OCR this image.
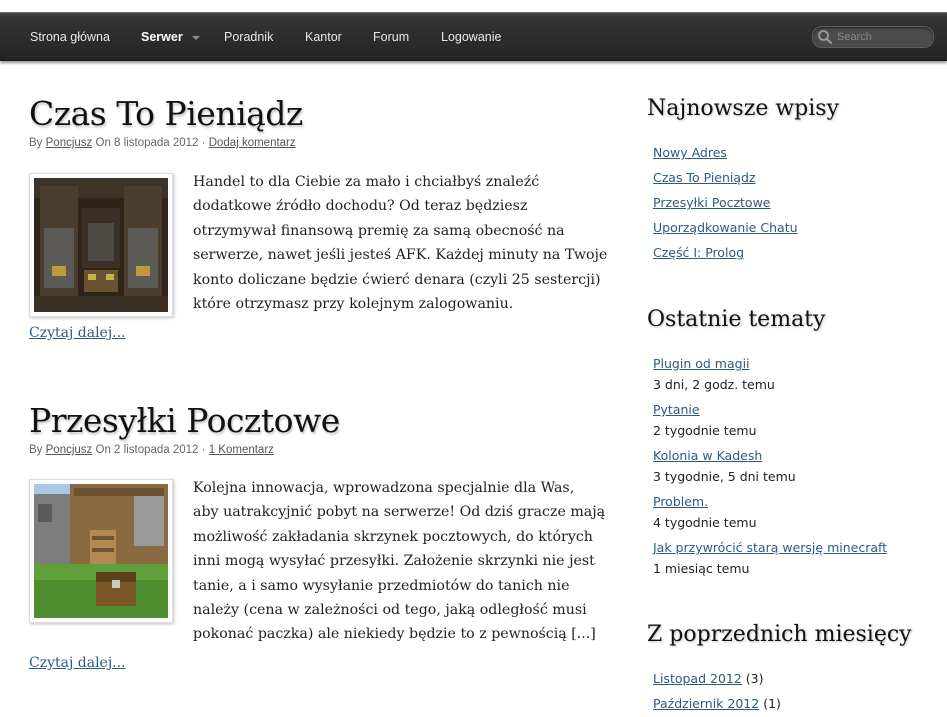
Strona główna Serwer	Poradnik	Kantor Forum	Logowanie
Search
Czas To Pieniądz
By Poncjusz On 8 listopada 2012 · Dodaj komentarz
Handel to dla Ciebie za mało i chciałbyś znaleźć
dodatkowe źródło dochodu? Od teraz będziesz
otrzymywał finansową premię za samą obecność na
serwerze, nawet jeśli jesteś AFK. Każdej minuty na Twoje
konto doliczane będzie ćwierć denara (czyli 25 sestercji)
które otrzymasz przy kolejnym zalogowaniu.
Czytaj dalej...
Przesyłki Pocztowe
By Poncjusz On 2 listopada 2012 · 1 Komentarz
Kolejna innowacja, wprowadzona specjalnie dla Was,
aby uatrakcyjnić pobyt na serwerze! Od dziś gracze mają
możliwość zakładania skrzynek pocztowych, do których
inni mogą wysyłać przesyłki. Założenie skrzynki nie jest
tanie, a i samo wysyłanie przedmiotów do tanich nie
należy (cena w zależności od tego, jaką odległość musi
pokonać paczka) ale niekiedy będzie to z pewnością [...]
Czytaj dalej...
Najnowsze wpisy
Nowy Adres
Czas To Pieniądz
Przesyłki Pocztowe
Uporządkowanie Chatu
Część I: Prolog
Ostatnie tematy
Plugin od magii
3 dni, 2 godz. temu
Pytanie
2 tygodnie temu
Kolonia w Kadesh
3 tygodnie, 5 dni temu
Problem.
4 tygodnie temu
Jak przywrócić starą wersję minecraft
1 miesiąc temu
Z poprzednich miesięcy
Listopad 2012 (3)
Październik 2012 (1)
